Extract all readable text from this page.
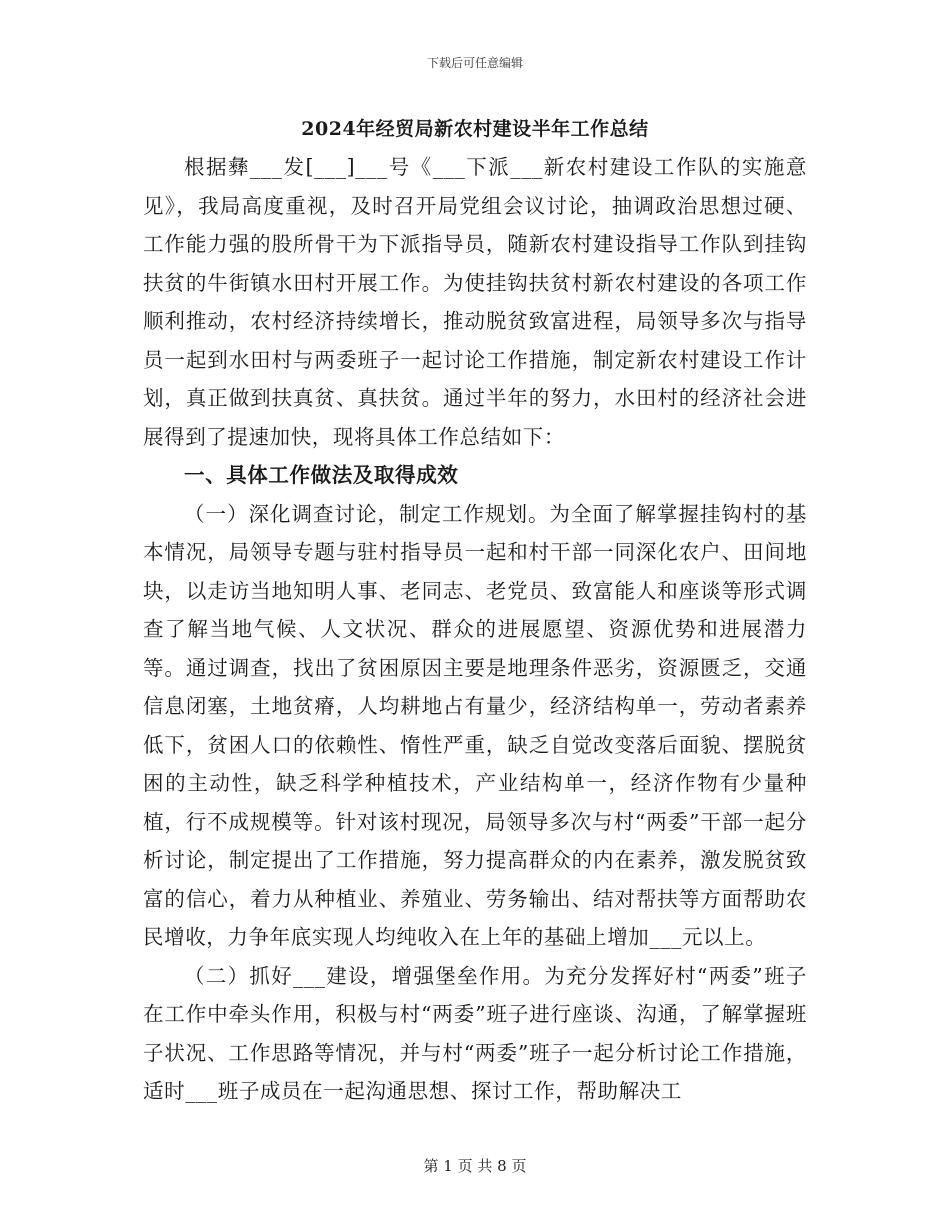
下载后可任意编辑
2024年经贸局新农村建设半年工作总结

根据彝___发[___]___号《___下派___新农村建设工作队的实施意见》，我局高度重视，及时召开局党组会议讨论，抽调政治思想过硬、工作能力强的股所骨干为下派指导员，随新农村建设指导工作队到挂钩扶贫的牛街镇水田村开展工作。为使挂钩扶贫村新农村建设的各项工作顺利推动，农村经济持续增长，推动脱贫致富进程，局领导多次与指导员一起到水田村与两委班子一起讨论工作措施，制定新农村建设工作计划，真正做到扶真贫、真扶贫。通过半年的努力，水田村的经济社会进展得到了提速加快，现将具体工作总结如下：

一、具体工作做法及取得成效

（一）深化调查讨论，制定工作规划。为全面了解掌握挂钩村的基本情况，局领导专题与驻村指导员一起和村干部一同深化农户、田间地块，以走访当地知明人事、老同志、老党员、致富能人和座谈等形式调查了解当地气候、人文状况、群众的进展愿望、资源优势和进展潜力等。通过调查，找出了贫困原因主要是地理条件恶劣，资源匮乏，交通信息闭塞，土地贫瘠，人均耕地占有量少，经济结构单一，劳动者素养低下，贫困人口的依赖性、惰性严重，缺乏自觉改变落后面貌、摆脱贫困的主动性，缺乏科学种植技术，产业结构单一，经济作物有少量种植，行不成规模等。针对该村现况，局领导多次与村“两委”干部一起分析讨论，制定提出了工作措施，努力提高群众的内在素养，激发脱贫致富的信心，着力从种植业、养殖业、劳务输出、结对帮扶等方面帮助农民增收，力争年底实现人均纯收入在上年的基础上增加___元以上。

（二）抓好___建设，增强堡垒作用。为充分发挥好村“两委”班子在工作中牵头作用，积极与村“两委”班子进行座谈、沟通，了解掌握班子状况、工作思路等情况，并与村“两委”班子一起分析讨论工作措施，适时___班子成员在一起沟通思想、探讨工作，帮助解决工

第 1 页 共 8 页
